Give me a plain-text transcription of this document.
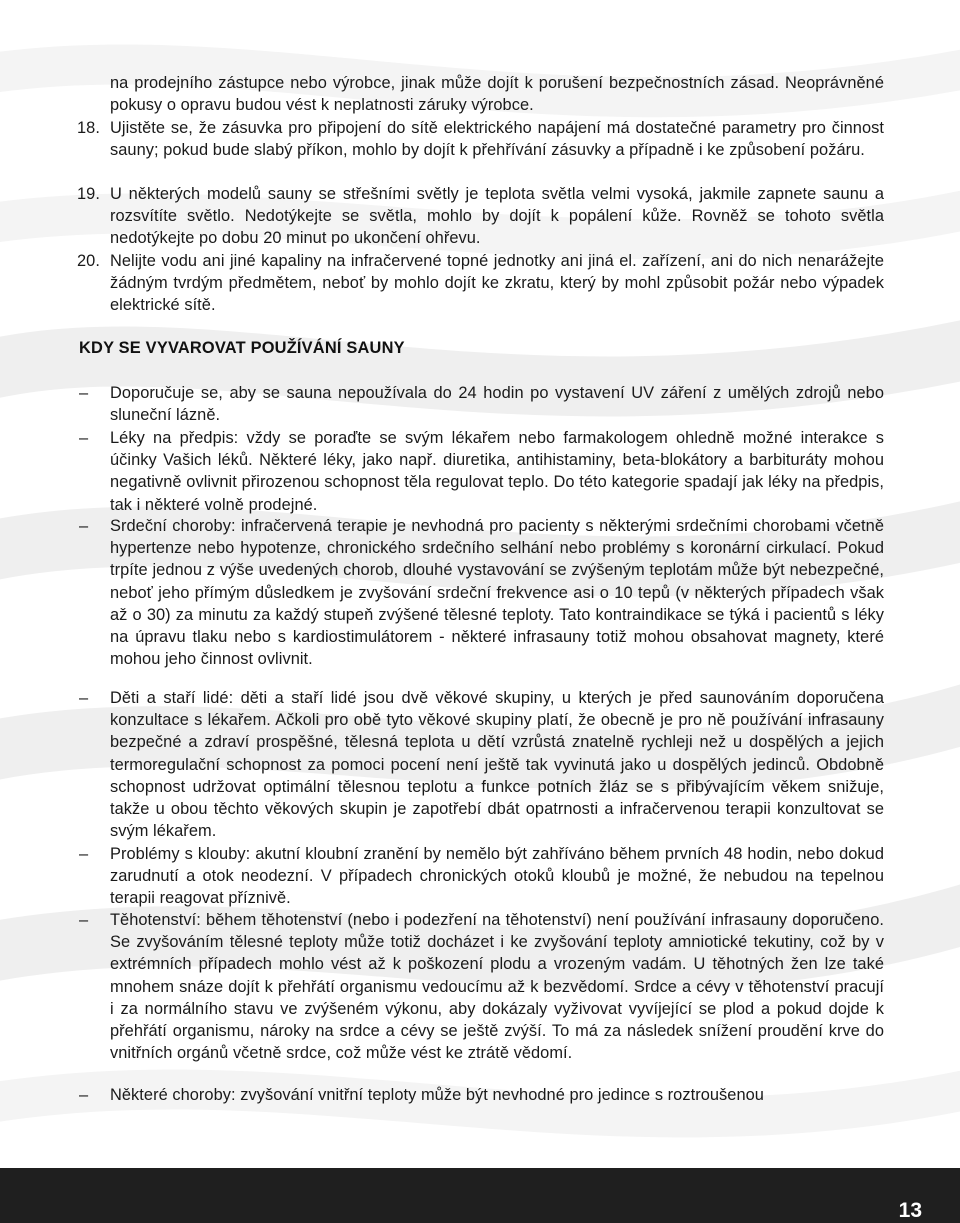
na prodejního zástupce nebo výrobce, jinak může dojít k porušení bezpečnostních zásad. Neoprávněné pokusy o opravu budou vést k neplatnosti záruky výrobce.
18. Ujistěte se, že zásuvka pro připojení do sítě elektrického napájení má dostatečné parametry pro činnost sauny; pokud bude slabý příkon, mohlo by dojít k přehřívání zásuvky a případně i ke způsobení požáru.
19. U některých modelů sauny se střešními světly je teplota světla velmi vysoká, jakmile zapnete saunu a rozsvítíte světlo. Nedotýkejte se světla, mohlo by dojít k popálení kůže. Rovněž se tohoto světla nedotýkejte po dobu 20 minut po ukončení ohřevu.
20. Nelijte vodu ani jiné kapaliny na infračervené topné jednotky ani jiná el. zařízení, ani do nich nenarážejte žádným tvrdým předmětem, neboť by mohlo dojít ke zkratu, který by mohl způsobit požár nebo výpadek elektrické sítě.
KDY SE VYVAROVAT POUŽÍVÁNÍ SAUNY
–	Doporučuje se, aby se sauna nepoužívala do 24 hodin po vystavení UV záření z umělých zdrojů nebo sluneční lázně.
–	Léky na předpis: vždy se poraďte se svým lékařem nebo farmakologem ohledně možné interakce s účinky Vašich léků. Některé léky, jako např. diuretika, antihistaminy, beta-blokátory a barbituráty mohou negativně ovlivnit přirozenou schopnost těla regulovat teplo. Do této kategorie spadají jak léky na předpis, tak i některé volně prodejné.
–	Srdeční choroby: infračervená terapie je nevhodná pro pacienty s některými srdečními chorobami včetně hypertenze nebo hypotenze, chronického srdečního selhání nebo problémy s koronární cirkulací. Pokud trpíte jednou z výše uvedených chorob, dlouhé vystavování se zvýšeným teplotám může být nebezpečné, neboť jeho přímým důsledkem je zvyšování srdeční frekvence asi o 10 tepů (v některých případech však až o 30) za minutu za každý stupeň zvýšené tělesné teploty. Tato kontraindikace se týká i pacientů s léky na úpravu tlaku nebo s kardiostimulátorem - některé infrasauny totiž mohou obsahovat magnety, které mohou jeho činnost ovlivnit.
–	Děti a staří lidé: děti a staří lidé jsou dvě věkové skupiny, u kterých je před saunováním doporučena konzultace s lékařem. Ačkoli pro obě tyto věkové skupiny platí, že obecně je pro ně používání infrasauny bezpečné a zdraví prospěšné, tělesná teplota u dětí vzrůstá znatelně rychleji než u dospělých a jejich termoregulační schopnost za pomoci pocení není ještě tak vyvinutá jako u dospělých jedinců. Obdobně schopnost udržovat optimální tělesnou teplotu a funkce potních žláz se s přibývajícím věkem snižuje, takže u obou těchto věkových skupin je zapotřebí dbát opatrnosti a infračervenou terapii konzultovat se svým lékařem.
–	Problémy s klouby: akutní kloubní zranění by nemělo být zahříváno během prvních 48 hodin, nebo dokud zarudnutí a otok neodezní. V případech chronických otoků kloubů je možné, že nebudou na tepelnou terapii reagovat příznivě.
–	Těhotenství: během těhotenství (nebo i podezření na těhotenství) není používání infrasauny doporučeno. Se zvyšováním tělesné teploty může totiž docházet i ke zvyšování teploty amniotické tekutiny, což by v extrémních případech mohlo vést až k poškození plodu a vrozeným vadám. U těhotných žen lze také mnohem snáze dojít k přehřátí organismu vedoucímu až k bezvědomí. Srdce a cévy v těhotenství pracují i za normálního stavu ve zvýšeném výkonu, aby dokázaly vyživovat vyvíjející se plod a pokud dojde k přehřátí organismu, nároky na srdce a cévy se ještě zvýší. To má za následek snížení proudění krve do vnitřních orgánů včetně srdce, což může vést ke ztrátě vědomí.
–	Některé choroby: zvyšování vnitřní teploty může být nevhodné pro jedince s roztroušenou
13
